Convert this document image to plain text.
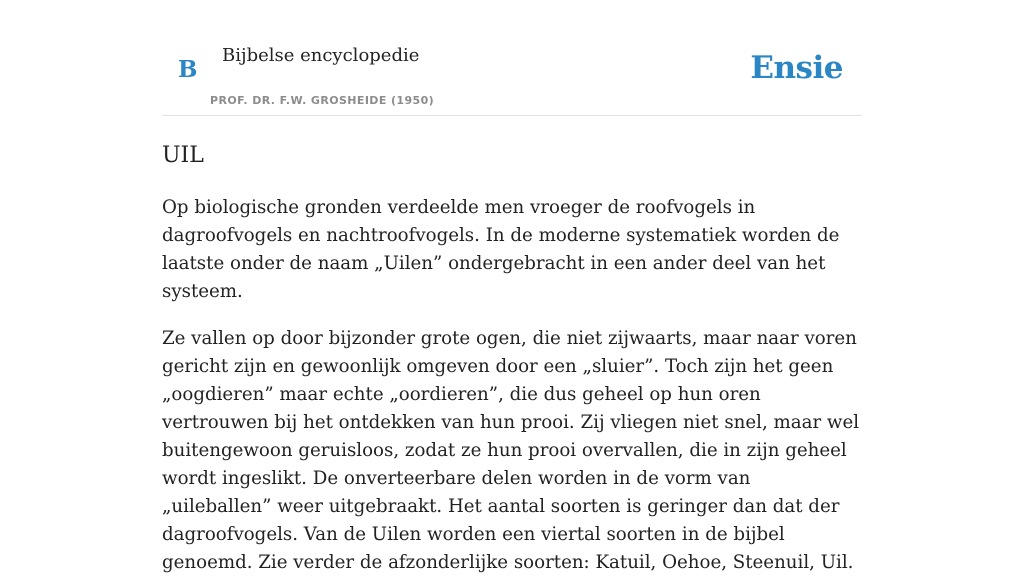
B
Bijbelse encyclopedie
PROF. DR. F.W. GROSHEIDE (1950)
Ensie
UIL

Op biologische gronden verdeelde men vroeger de roofvogels in dagroofvogels en nachtroofvogels. In de moderne systematiek worden de laatste onder de naam „Uilen” ondergebracht in een ander deel van het systeem.

Ze vallen op door bijzonder grote ogen, die niet zijwaarts, maar naar voren gericht zijn en gewoonlijk omgeven door een „sluier”. Toch zijn het geen „oogdieren” maar echte „oordieren”, die dus geheel op hun oren vertrouwen bij het ontdekken van hun prooi. Zij vliegen niet snel, maar wel buitengewoon geruisloos, zodat ze hun prooi overvallen, die in zijn geheel wordt ingeslikt. De onverteerbare delen worden in de vorm van „uileballen” weer uitgebraakt. Het aantal soorten is geringer dan dat der dagroofvogels. Van de Uilen worden een viertal soorten in de bijbel genoemd. Zie verder de afzonderlijke soorten: Katuil, Oehoe, Steenuil, Uil.
